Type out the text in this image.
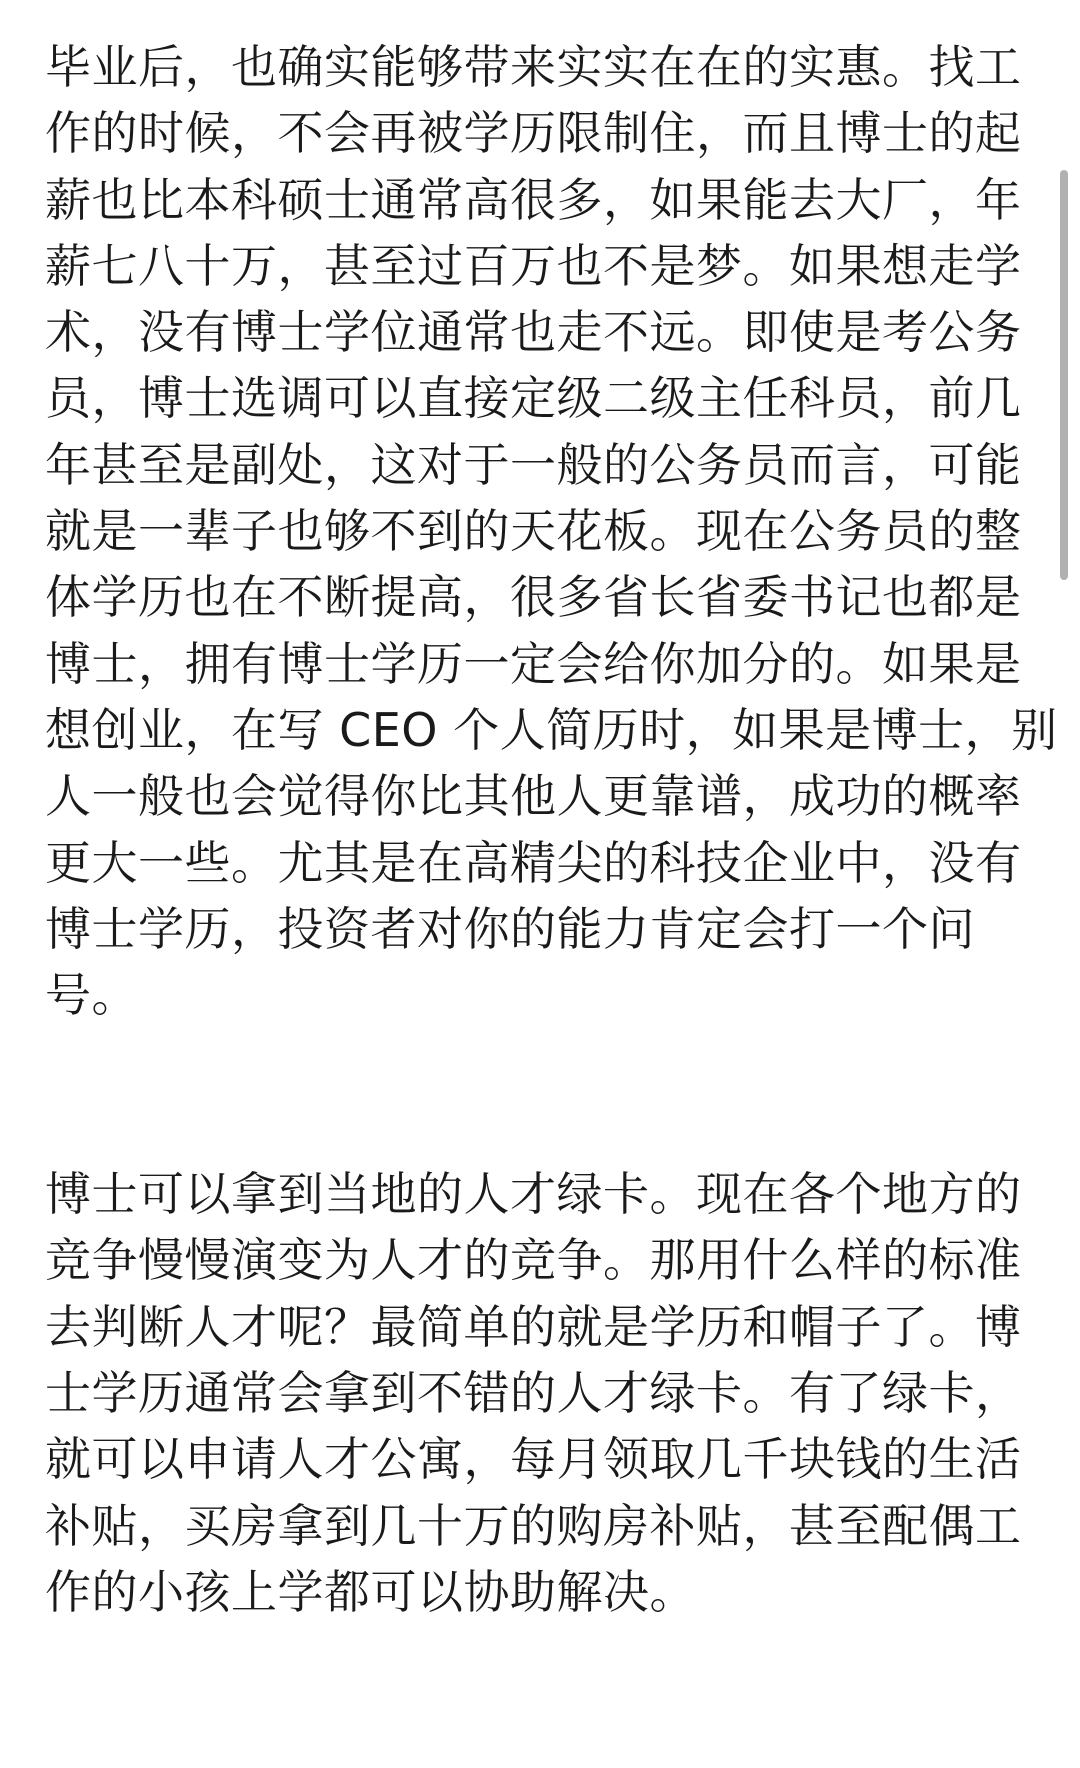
毕业后，也确实能够带来实实在在的实惠。找工
作的时候，不会再被学历限制住，而且博士的起
薪也比本科硕士通常高很多，如果能去大厂，年
薪七八十万，甚至过百万也不是梦。如果想走学
术，没有博士学位通常也走不远。即使是考公务
员，博士选调可以直接定级二级主任科员，前几
年甚至是副处，这对于一般的公务员而言，可能
就是一辈子也够不到的天花板。现在公务员的整
体学历也在不断提高，很多省长省委书记也都是
博士，拥有博士学历一定会给你加分的。如果是
想创业，在写 CEO 个人简历时，如果是博士，别
人一般也会觉得你比其他人更靠谱，成功的概率
更大一些。尤其是在高精尖的科技企业中，没有
博士学历，投资者对你的能力肯定会打一个问
号。
博士可以拿到当地的人才绿卡。现在各个地方的
竞争慢慢演变为人才的竞争。那用什么样的标准
去判断人才呢？最简单的就是学历和帽子了。博
士学历通常会拿到不错的人才绿卡。有了绿卡，
就可以申请人才公寓，每月领取几千块钱的生活
补贴，买房拿到几十万的购房补贴，甚至配偶工
作的小孩上学都可以协助解决。
